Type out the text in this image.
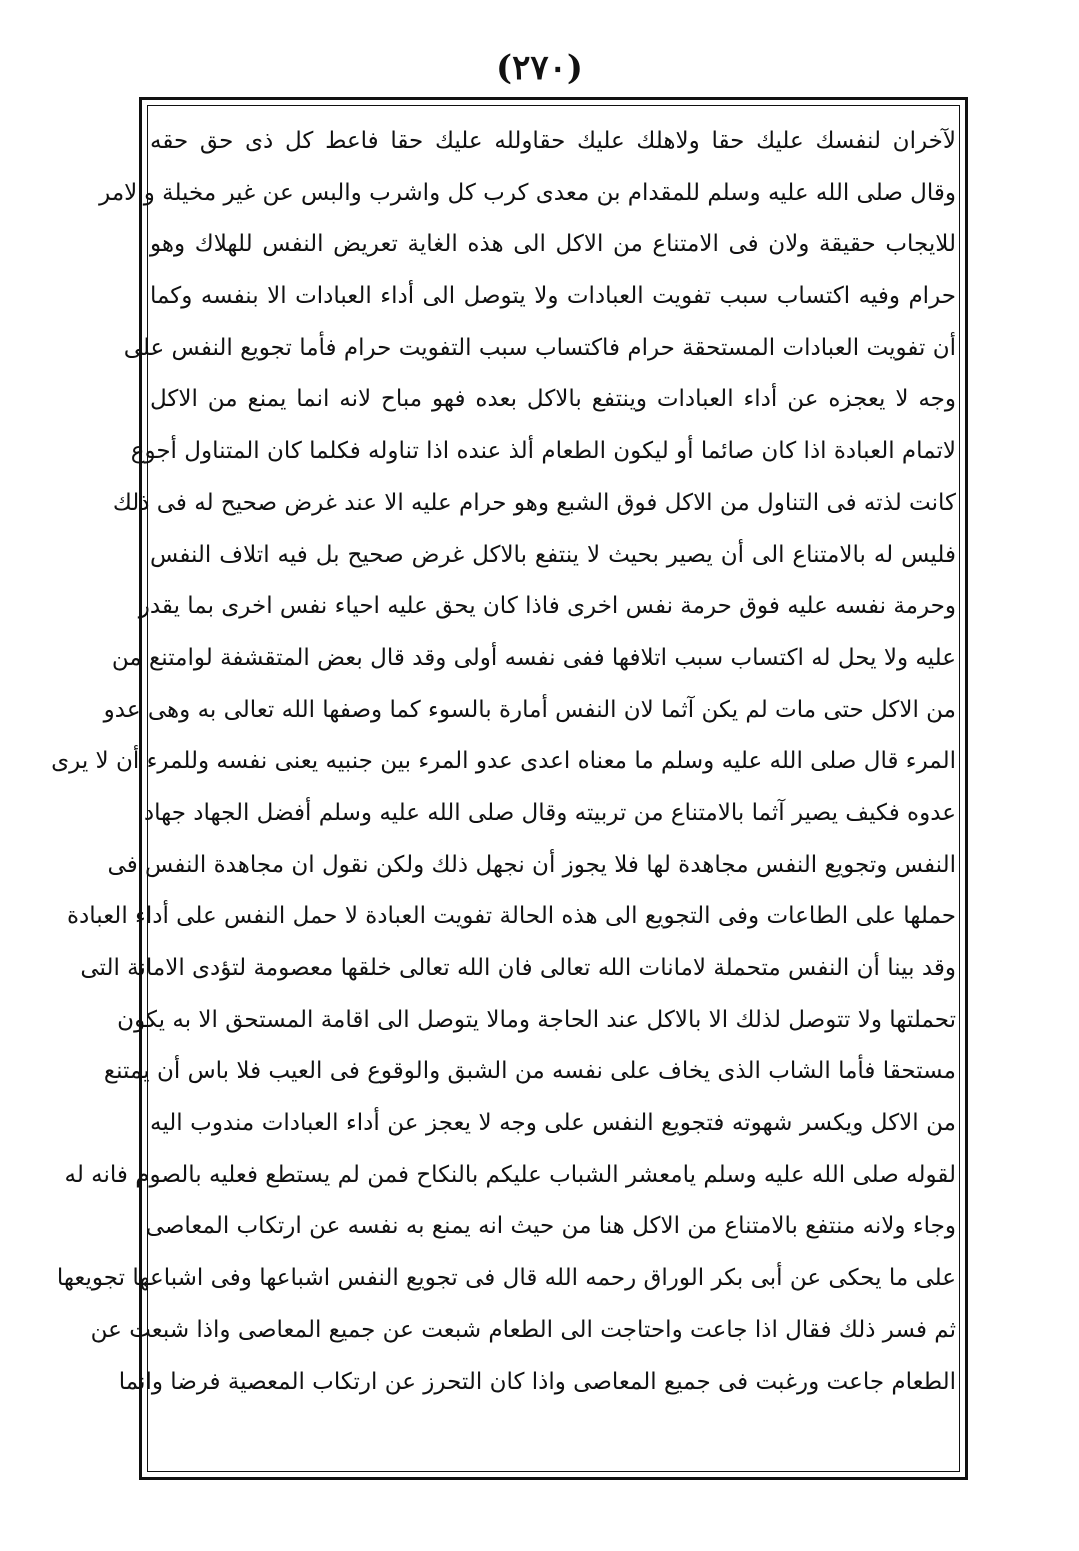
(٢٧٠)
لآخران لنفسك عليك حقا ولاهلك عليك حقاولله عليك حقا فاعط كل ذى حق حقه
وقال صلى الله عليه وسلم للمقدام بن معدى كرب كل واشرب والبس عن غير مخيلة والامر
للايجاب حقيقة ولان فى الامتناع من الاكل الى هذه الغاية تعريض النفس للهلاك وهو
حرام وفيه اكتساب سبب تفويت العبادات ولا يتوصل الى أداء العبادات الا بنفسه وكما
أن تفويت العبادات المستحقة حرام فاكتساب سبب التفويت حرام فأما تجويع النفس على
وجه لا يعجزه عن أداء العبادات وينتفع بالاكل بعده فهو مباح لانه انما يمنع من الاكل
لاتمام العبادة اذا كان صائما أو ليكون الطعام ألذ عنده اذا تناوله فكلما كان المتناول أجوع
كانت لذته فى التناول من الاكل فوق الشبع وهو حرام عليه الا عند غرض صحيح له فى ذلك
فليس له بالامتناع الى أن يصير بحيث لا ينتفع بالاكل غرض صحيح بل فيه اتلاف النفس
وحرمة نفسه عليه فوق حرمة نفس اخرى فاذا كان يحق عليه احياء نفس اخرى بما يقدر
عليه ولا يحل له اكتساب سبب اتلافها ففى نفسه أولى وقد قال بعض المتقشفة لوامتنع من
من الاكل حتى مات لم يكن آثما لان النفس أمارة بالسوء كما وصفها الله تعالى به وهى عدو
المرء قال صلى الله عليه وسلم ما معناه اعدى عدو المرء بين جنبيه يعنى نفسه وللمرء أن لا يرى
عدوه فكيف يصير آثما بالامتناع من تربيته وقال صلى الله عليه وسلم أفضل الجهاد جهاد
النفس وتجويع النفس مجاهدة لها فلا يجوز أن نجهل ذلك ولكن نقول ان مجاهدة النفس فى
حملها على الطاعات وفى التجويع الى هذه الحالة تفويت العبادة لا حمل النفس على أداء العبادة
وقد بينا أن النفس متحملة لامانات الله تعالى فان الله تعالى خلقها معصومة لتؤدى الامانة التى
تحملتها ولا تتوصل لذلك الا بالاكل عند الحاجة ومالا يتوصل الى اقامة المستحق الا به يكون
مستحقا فأما الشاب الذى يخاف على نفسه من الشبق والوقوع فى العيب فلا باس أن يمتنع
من الاكل ويكسر شهوته فتجويع النفس على وجه لا يعجز عن أداء العبادات مندوب اليه
لقوله صلى الله عليه وسلم يامعشر الشباب عليكم بالنكاح فمن لم يستطع فعليه بالصوم فانه له
وجاء ولانه منتفع بالامتناع من الاكل هنا من حيث انه يمنع به نفسه عن ارتكاب المعاصى
على ما يحكى عن أبى بكر الوراق رحمه الله قال فى تجويع النفس اشباعها وفى اشباعها تجويعها
ثم فسر ذلك فقال اذا جاعت واحتاجت الى الطعام شبعت عن جميع المعاصى واذا شبعت عن
الطعام جاعت ورغبت فى جميع المعاصى واذا كان التحرز عن ارتكاب المعصية فرضا وانما
